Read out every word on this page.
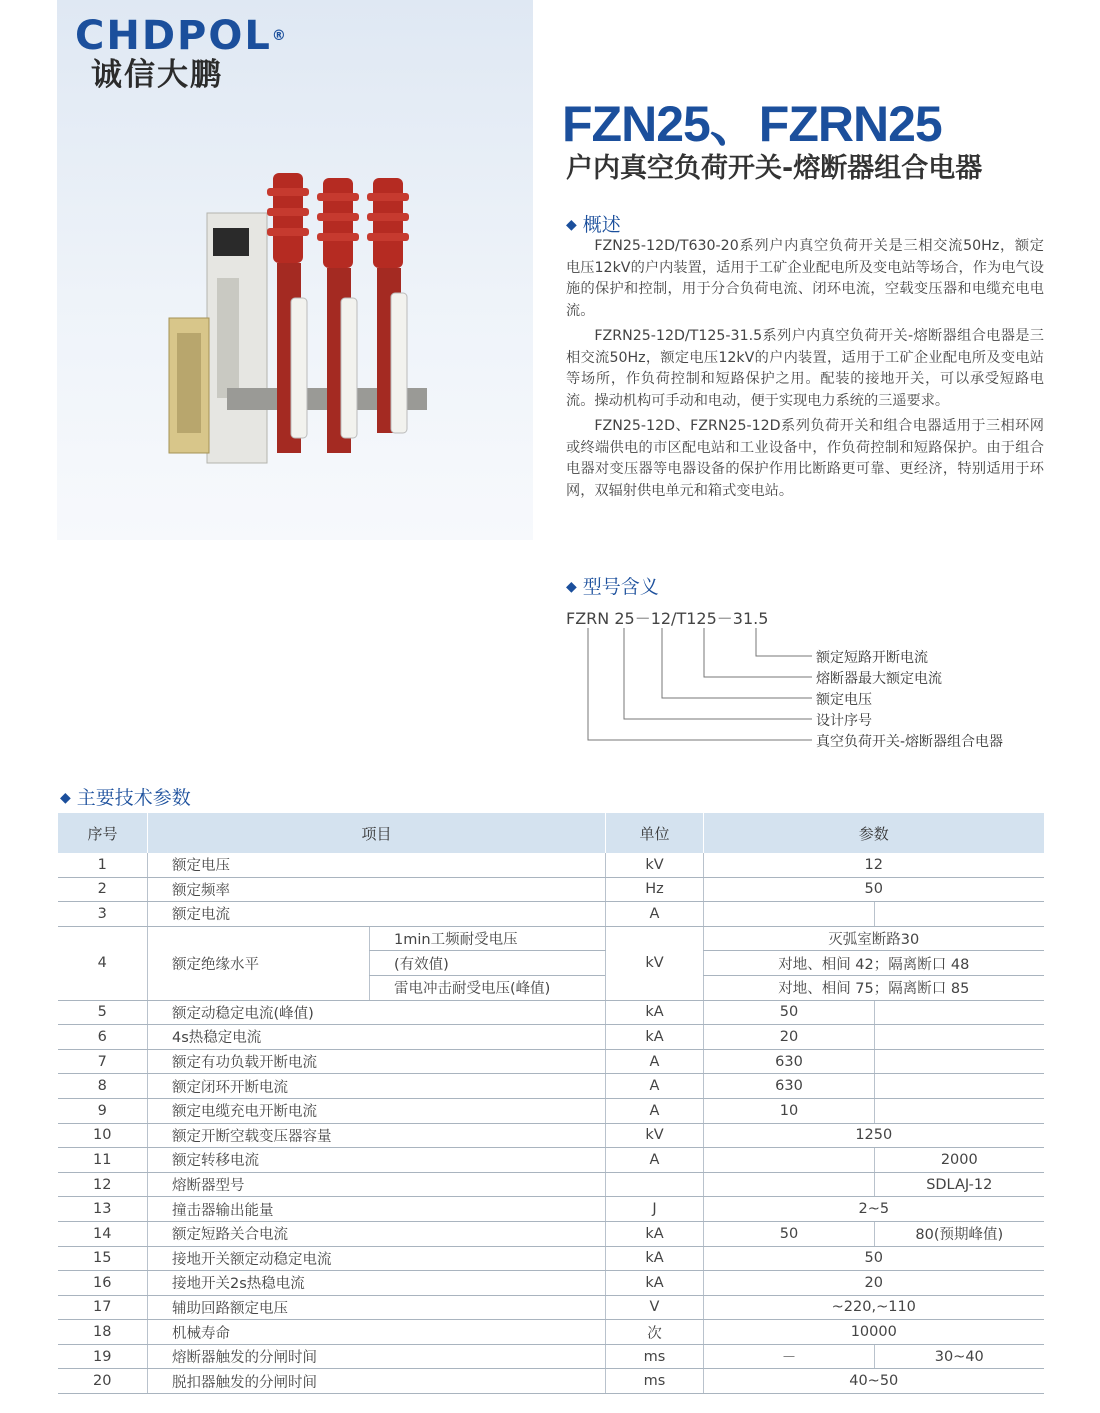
CHDPOL®
诚信大鹏
FZN25、FZRN25
户内真空负荷开关-熔断器组合电器
◆ 概述

FZN25-12D/T630-20系列户内真空负荷开关是三相交流50Hz，额定电压12kV的户内装置，适用于工矿企业配电所及变电站等场合，作为电气设施的保护和控制，用于分合负荷电流、闭环电流，空载变压器和电缆充电电流。

FZRN25-12D/T125-31.5系列户内真空负荷开关-熔断器组合电器是三相交流50Hz，额定电压12kV的户内装置，适用于工矿企业配电所及变电站等场所，作负荷控制和短路保护之用。配装的接地开关，可以承受短路电流。操动机构可手动和电动，便于实现电力系统的三遥要求。

FZN25-12D、FZRN25-12D系列负荷开关和组合电器适用于三相环网或终端供电的市区配电站和工业设备中，作负荷控制和短路保护。由于组合电器对变压器等电器设备的保护作用比断路更可靠、更经济，特别适用于环网，双辐射供电单元和箱式变电站。

◆ 型号含义
FZRN 25－12/T125－31.5
额定短路开断电流
熔断器最大额定电流
额定电压
设计序号
真空负荷开关-熔断器组合电器
◆ 主要技术参数
序号	项目		单位	参数	
1	额定电压		kV	12	
2	额定频率		Hz	50	
3	额定电流		A		
4	额定绝缘水平	1min工频耐受电压	kV	灭弧室断路30	
		(有效值)		对地、相间 42；隔离断口 48	
		雷电冲击耐受电压(峰值)		对地、相间 75；隔离断口 85	
5	额定动稳定电流(峰值)		kA	50	
6	4s热稳定电流		kA	20	
7	额定有功负载开断电流		A	630	
8	额定闭环开断电流		A	630	
9	额定电缆充电开断电流		A	10	
10	额定开断空载变压器容量		kV	1250	
11	额定转移电流		A		2000
12	熔断器型号				SDLAJ-12
13	撞击器输出能量		J	2~5	
14	额定短路关合电流		kA	50	80(预期峰值)
15	接地开关额定动稳定电流		kA	50	
16	接地开关2s热稳电流		kA	20	
17	辅助回路额定电压		V	~220,~110	
18	机械寿命		次	10000	
19	熔断器触发的分闸时间		ms	－	30~40
20	脱扣器触发的分闸时间		ms	40~50	
